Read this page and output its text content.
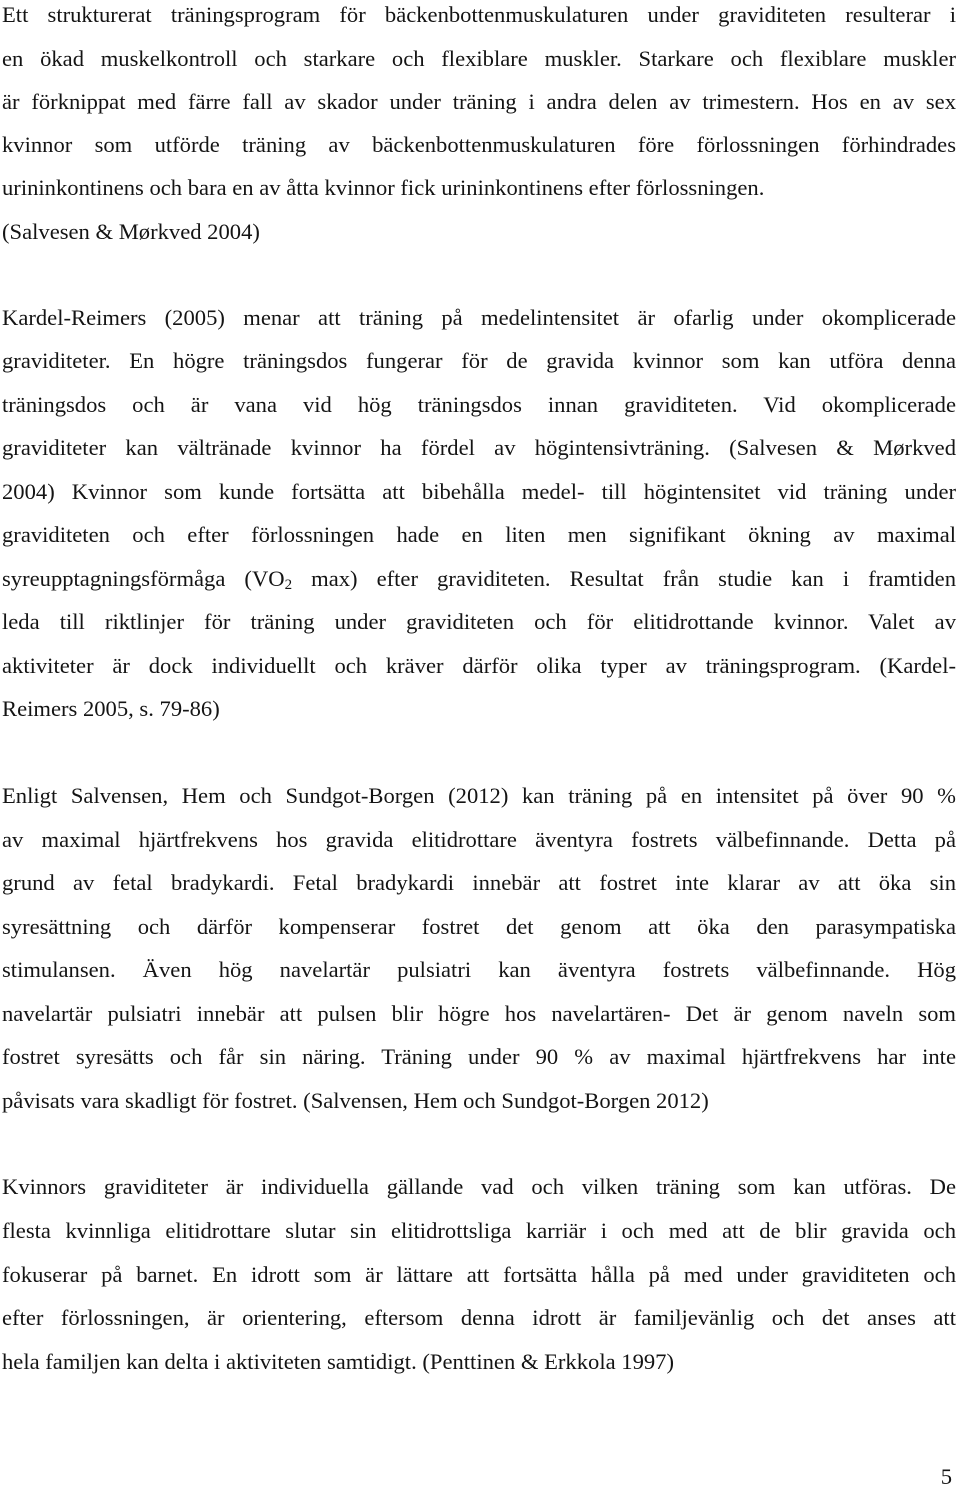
Ett strukturerat träningsprogram för bäckenbottenmuskulaturen under graviditeten resulterar i
en ökad muskelkontroll och starkare och flexiblare muskler. Starkare och flexiblare muskler
är förknippat med färre fall av skador under träning i andra delen av trimestern. Hos en av sex
kvinnor som utförde träning av bäckenbottenmuskulaturen före förlossningen förhindrades
urininkontinens och bara en av åtta kvinnor fick urininkontinens efter förlossningen.
(Salvesen & Mørkved 2004)
Kardel-Reimers (2005) menar att träning på medelintensitet är ofarlig under okomplicerade
graviditeter. En högre träningsdos fungerar för de gravida kvinnor som kan utföra denna
träningsdos och är vana vid hög träningsdos innan graviditeten. Vid okomplicerade
graviditeter kan vältränade kvinnor ha fördel av högintensivträning. (Salvesen & Mørkved
2004) Kvinnor som kunde fortsätta att bibehålla medel- till högintensitet vid träning under
graviditeten och efter förlossningen hade en liten men signifikant ökning av maximal
syreupptagningsförmåga ($VO_2$ max) efter graviditeten. Resultat från studie kan i framtiden
leda till riktlinjer för träning under graviditeten och för elitidrottande kvinnor. Valet av
aktiviteter är dock individuellt och kräver därför olika typer av träningsprogram. (Kardel-
Reimers 2005, s. 79-86)
Enligt Salvensen, Hem och Sundgot-Borgen (2012) kan träning på en intensitet på över 90 %
av maximal hjärtfrekvens hos gravida elitidrottare äventyra fostrets välbefinnande. Detta på
grund av fetal bradykardi. Fetal bradykardi innebär att fostret inte klarar av att öka sin
syresättning och därför kompenserar fostret det genom att öka den parasympatiska
stimulansen. Även hög navelartär pulsiatri kan äventyra fostrets välbefinnande. Hög
navelartär pulsiatri innebär att pulsen blir högre hos navelartären- Det är genom naveln som
fostret syresätts och får sin näring. Träning under 90 % av maximal hjärtfrekvens har inte
påvisats vara skadligt för fostret. (Salvensen, Hem och Sundgot-Borgen 2012)
Kvinnors graviditeter är individuella gällande vad och vilken träning som kan utföras. De
flesta kvinnliga elitidrottare slutar sin elitidrottsliga karriär i och med att de blir gravida och
fokuserar på barnet. En idrott som är lättare att fortsätta hålla på med under graviditeten och
efter förlossningen, är orientering, eftersom denna idrott är familjevänlig och det anses att
hela familjen kan delta i aktiviteten samtidigt. (Penttinen & Erkkola 1997)
5
